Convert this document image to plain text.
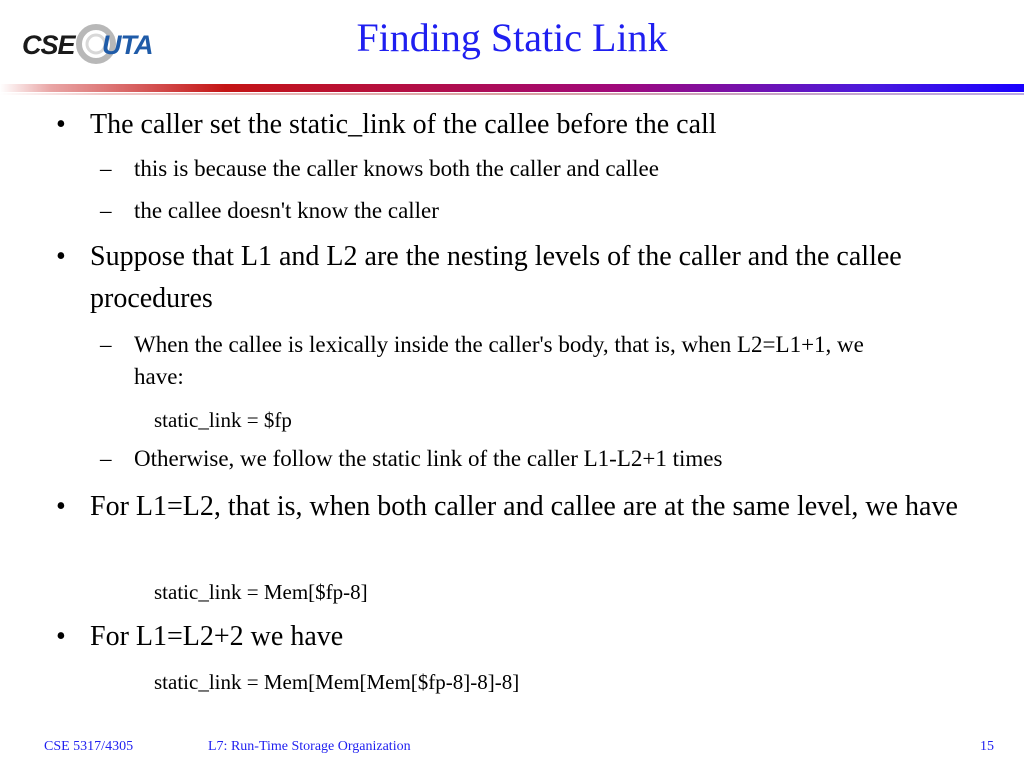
CSE UTA	Finding Static Link
• The caller set the static_link of the callee before the call
– this is because the caller knows both the caller and callee
– the callee doesn't know the caller
• Suppose that L1 and L2 are the nesting levels of the caller and the callee procedures
– When the callee is lexically inside the caller's body, that is, when L2=L1+1, we have:
static_link = $fp
– Otherwise, we follow the static link of the caller L1-L2+1 times
• For L1=L2, that is, when both caller and callee are at the same level, we have
static_link = Mem[$fp-8]
• For L1=L2+2 we have
static_link = Mem[Mem[Mem[$fp-8]-8]-8]
CSE 5317/4305	L7: Run-Time Storage Organization	15
